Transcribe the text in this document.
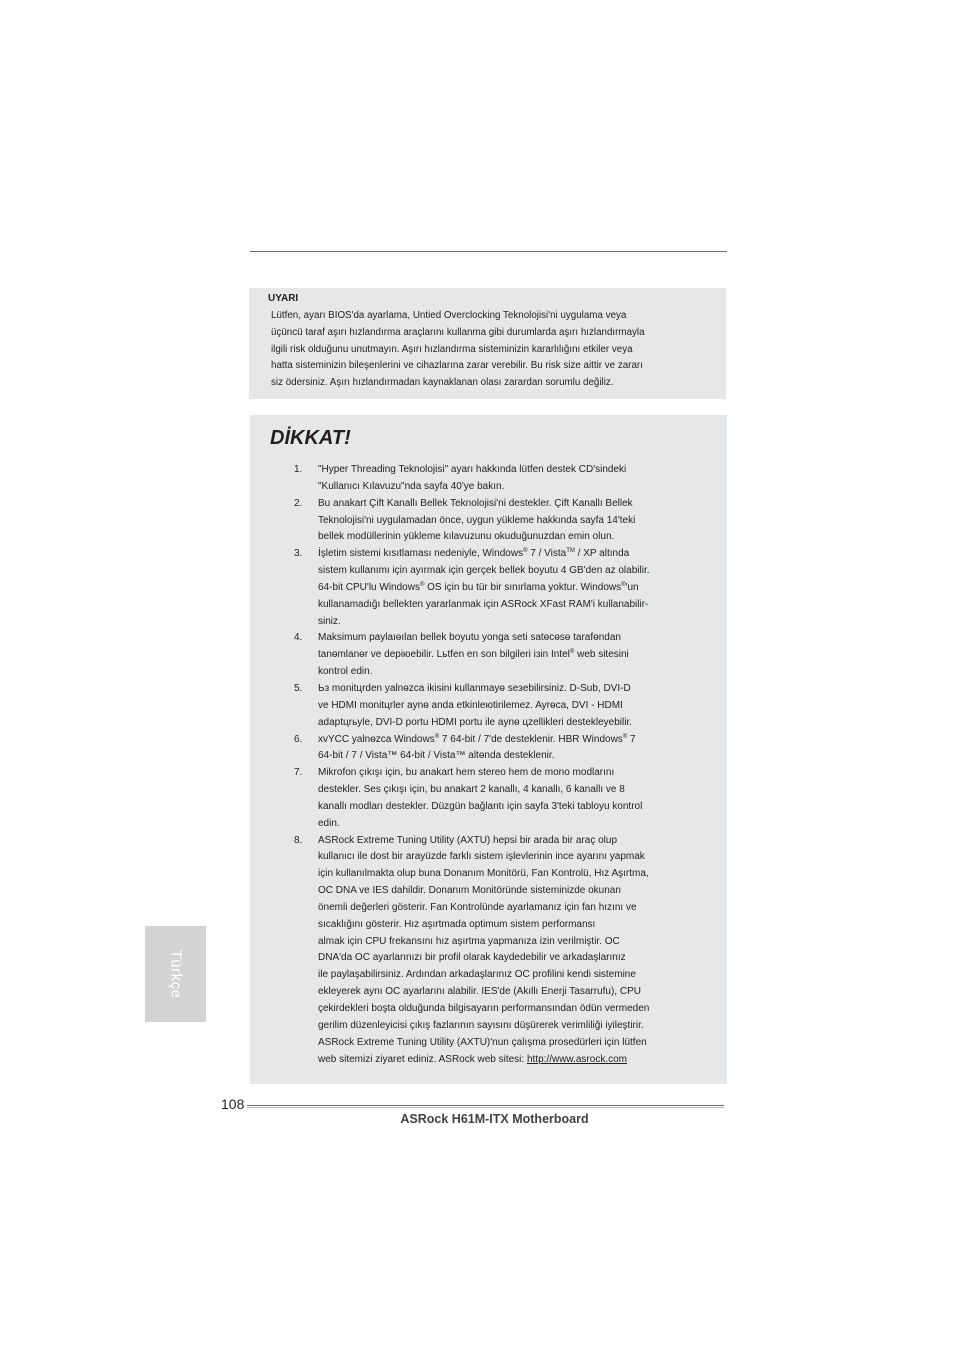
UYARI
Lütfen, ayarı BIOS'da ayarlama, Untied Overclocking Teknolojisi'ni uygulama veya
üçüncü taraf aşırı hızlandırma araçlarını kullanma gibi durumlarda aşırı hızlandırmayla
ilgili risk olduğunu unutmayın. Aşırı hızlandırma sisteminizin kararlılığını etkiler veya
hatta sisteminizin bileşenlerini ve cihazlarına zarar verebilir. Bu risk size aittir ve zararı
siz ödersiniz. Aşırı hızlandırmadan kaynaklanan olası zarardan sorumlu değiliz.
DİKKAT!
1. "Hyper Threading Teknolojisi" ayarı hakkında lütfen destek CD'sindeki
"Kullanıcı Kılavuzu"nda sayfa 40'ye bakın.
2. Bu anakart Çift Kanallı Bellek Teknolojisi'ni destekler. Çift Kanallı Bellek
Teknolojisi'ni uygulamadan önce, uygun yükleme hakkında sayfa 14'teki
bellek modüllerinin yükleme kılavuzunu okuduğunuzdan emin olun.
3. İşletim sistemi kısıtlaması nedeniyle, Windows® 7 / Vista™ / XP altında
sistem kullanımı için ayırmak için gerçek bellek boyutu 4 GB'den az olabilir.
64-bit CPU'lu Windows® OS için bu tür bir sınırlama yoktur. Windows®'un
kullanamadığı bellekten yararlanmak için ASRock XFast RAM'i kullanabilir-
siniz.
4. Maksimum paylaıөılan bellek boyutu yonga seti satөcөsө tarafөndan
tanөmlanөr ve depiюebilir. Lьtfen en son bilgileri iзin Intel® web sitesini
kontrol edin.
5. Ьз monitцrden yalnөzca ikisini kullanmayө seзebilirsiniz. D-Sub, DVI-D
ve HDMI monitцrler aynө anda etkinleюtirilemez. Ayrөca, DVI - HDMI
adaptцrьyle, DVI-D portu HDMI portu ile aynө цzellikleri destekleyebilir.
6. xvYCC yalnөzca Windows® 7 64-bit / 7'de desteklenir. HBR Windows® 7
64-bit / 7 / Vista™ 64-bit / Vista™ altөnda desteklenir.
7. Mikrofon çıkışı için, bu anakart hem stereo hem de mono modlarını
destekler. Ses çıkışı için, bu anakart 2 kanallı, 4 kanallı, 6 kanallı ve 8
kanallı modları destekler. Düzgün bağlantı için sayfa 3'teki tabloyu kontrol
edin.
8. ASRock Extreme Tuning Utility (AXTU) hepsi bir arada bir araç olup
kullanıcı ile dost bir arayüzde farklı sistem işlevlerinin ince ayarını yapmak
için kullanılmakta olup buna Donanım Monitörü, Fan Kontrolü, Hız Aşırtma,
OC DNA ve IES dahildir. Donanım Monitöründe sisteminizde okunan
önemli değerleri gösterir. Fan Kontrolünde ayarlamanız için fan hızını ve
sıcaklığını gösterir. Hız aşırtmada optimum sistem performansı
almak için CPU frekansını hız aşırtma yapmanıza izin verilmiştir. OC
DNA'da OC ayarlarınızı bir profil olarak kaydedebilir ve arkadaşlarınız
ile paylaşabilirsiniz. Ardından arkadaşlarınız OC profilini kendi sistemine
ekleyerek aynı OC ayarlarını alabilir. IES'de (Akıllı Enerji Tasarrufu), CPU
çekirdekleri boşta olduğunda bilgisayarın performansından ödün vermeden
gerilim düzenleyicisi çıkış fazlarının sayısını düşürerek verimliliği iyileştirir.
ASRock Extreme Tuning Utility (AXTU)'nun çalışma prosedürleri için lütfen
web sitemizi ziyaret ediniz. ASRock web sitesi: http://www.asrock.com
Türkçe
108
ASRock H61M-ITX Motherboard
